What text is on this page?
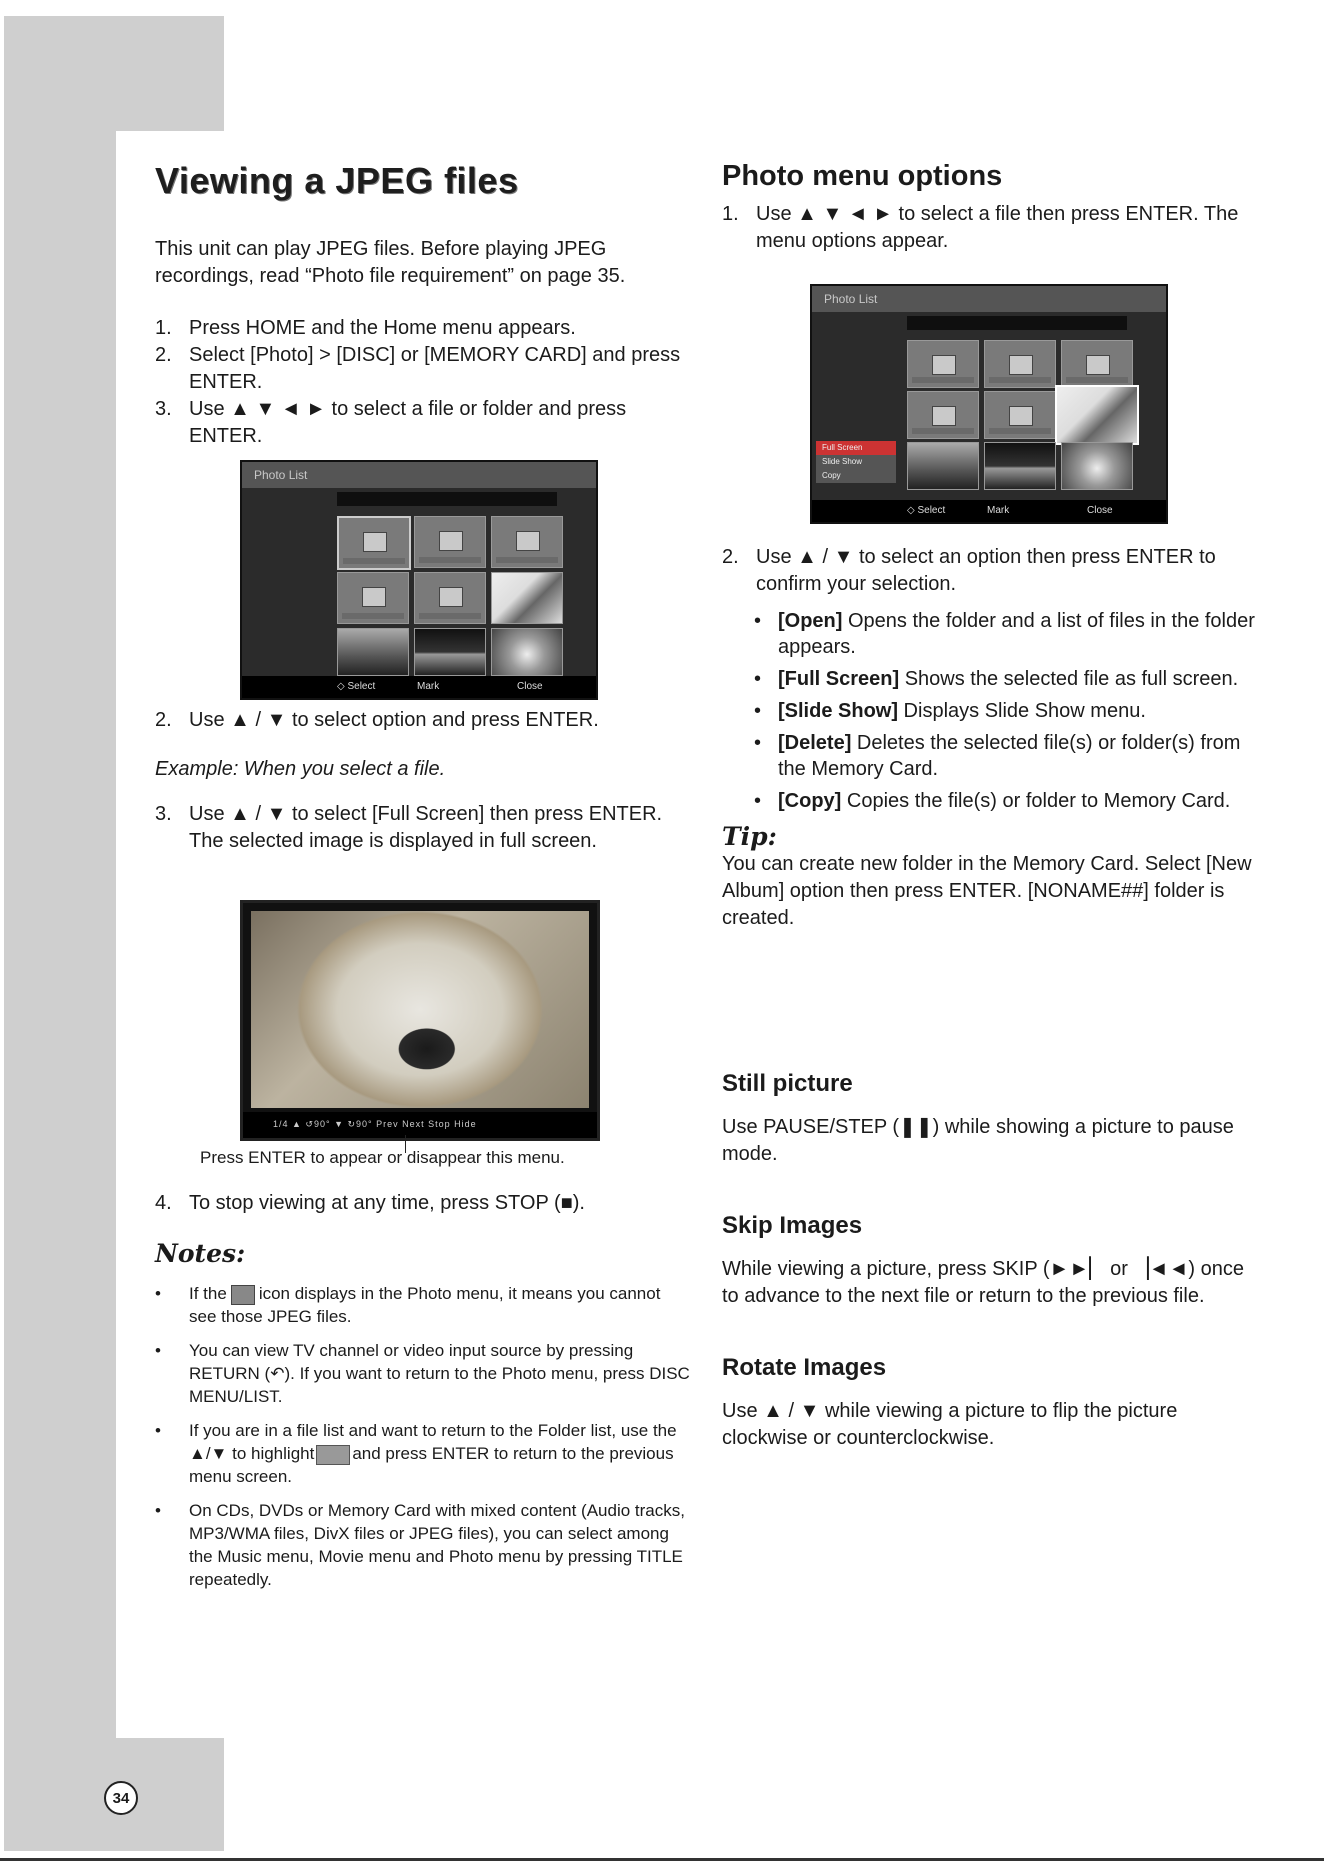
34
Viewing a JPEG files

This unit can play JPEG files. Before playing JPEG recordings, read “Photo file requirement” on page 35.

1. Press HOME and the Home menu appears.
2. Select [Photo] > [DISC] or [MEMORY CARD] and press ENTER.
3. Use ▲ ▼ ◄ ► to select a file or folder and press ENTER.
Photo List
◇ Select	Mark	Close
2. Use ▲ / ▼ to select option and press ENTER.

Example: When you select a file.

3. Use ▲ / ▼ to select [Full Screen] then press ENTER.
The selected image is displayed in full screen.
1/4 ▲ ↺90° ▼ ↻90° Prev Next Stop Hide
Press ENTER to appear or disappear this menu.
4. To stop viewing at any time, press STOP (■).
Notes:
•	If the icon displays in the Photo menu, it means you cannot see those JPEG files.
•	You can view TV channel or video input source by pressing RETURN (↶). If you want to return to the Photo menu, press DISC MENU/LIST.
•	If you are in a file list and want to return to the Folder list, use the ▲/▼ to highlight and press ENTER to return to the previous menu screen.
•	On CDs, DVDs or Memory Card with mixed content (Audio tracks, MP3/WMA files, DivX files or JPEG files), you can select among the Music menu, Movie menu and Photo menu by pressing TITLE repeatedly.
Photo menu options
1. Use ▲ ▼ ◄ ► to select a file then press ENTER. The menu options appear.
Photo List
Full Screen
Slide Show
Copy
◇ Select	Mark	Close
2. Use ▲ / ▼ to select an option then press ENTER to confirm your selection.
• [Open] Opens the folder and a list of files in the folder appears.
• [Full Screen] Shows the selected file as full screen.
• [Slide Show] Displays Slide Show menu.
• [Delete] Deletes the selected file(s) or folder(s) from the Memory Card.
• [Copy] Copies the file(s) or folder to Memory Card.
Tip:

You can create new folder in the Memory Card. Select [New Album] option then press ENTER. [NONAME##] folder is created.

Still picture

Use PAUSE/STEP (❚❚) while showing a picture to pause mode.

Skip Images

While viewing a picture, press SKIP (►►▏ or ▕◄◄) once to advance to the next file or return to the previous file.

Rotate Images

Use ▲ / ▼ while viewing a picture to flip the picture clockwise or counterclockwise.
